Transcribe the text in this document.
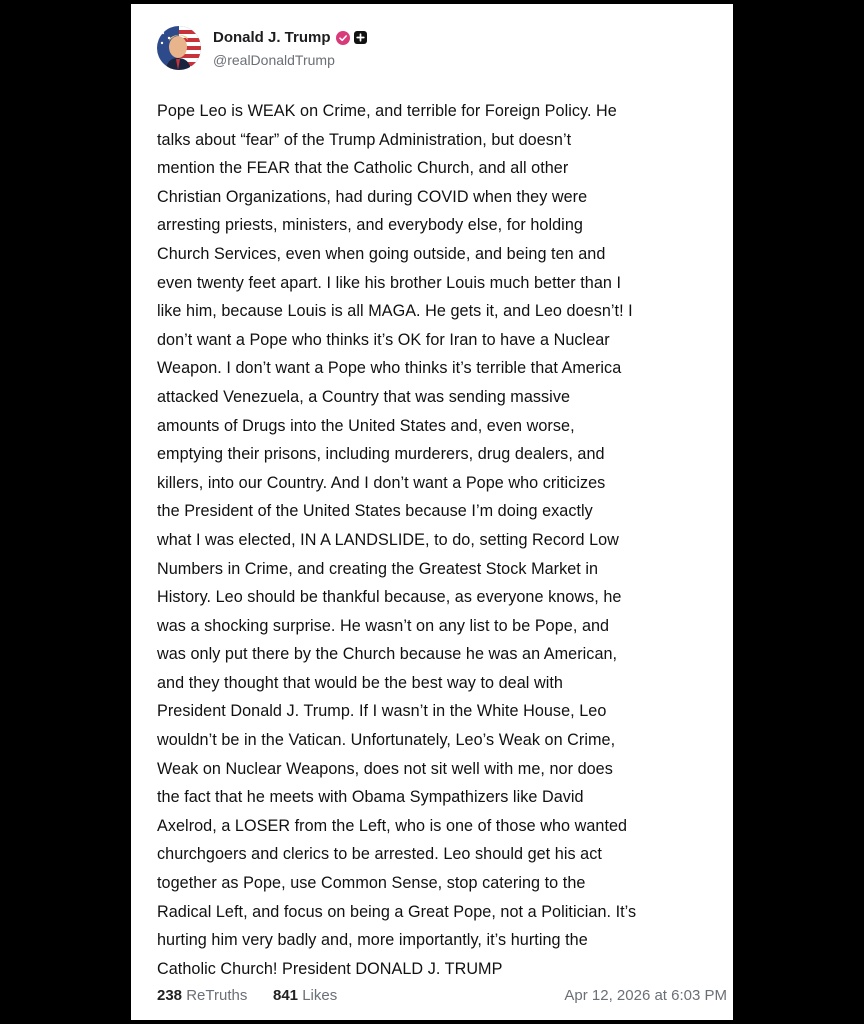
Donald J. Trump
@realDonaldTrump
Pope Leo is WEAK on Crime, and terrible for Foreign Policy. He
talks about “fear” of the Trump Administration, but doesn’t
mention the FEAR that the Catholic Church, and all other
Christian Organizations, had during COVID when they were
arresting priests, ministers, and everybody else, for holding
Church Services, even when going outside, and being ten and
even twenty feet apart. I like his brother Louis much better than I
like him, because Louis is all MAGA. He gets it, and Leo doesn’t! I
don’t want a Pope who thinks it’s OK for Iran to have a Nuclear
Weapon. I don’t want a Pope who thinks it’s terrible that America
attacked Venezuela, a Country that was sending massive
amounts of Drugs into the United States and, even worse,
emptying their prisons, including murderers, drug dealers, and
killers, into our Country. And I don’t want a Pope who criticizes
the President of the United States because I’m doing exactly
what I was elected, IN A LANDSLIDE, to do, setting Record Low
Numbers in Crime, and creating the Greatest Stock Market in
History. Leo should be thankful because, as everyone knows, he
was a shocking surprise. He wasn’t on any list to be Pope, and
was only put there by the Church because he was an American,
and they thought that would be the best way to deal with
President Donald J. Trump. If I wasn’t in the White House, Leo
wouldn’t be in the Vatican. Unfortunately, Leo’s Weak on Crime,
Weak on Nuclear Weapons, does not sit well with me, nor does
the fact that he meets with Obama Sympathizers like David
Axelrod, a LOSER from the Left, who is one of those who wanted
churchgoers and clerics to be arrested. Leo should get his act
together as Pope, use Common Sense, stop catering to the
Radical Left, and focus on being a Great Pope, not a Politician. It’s
hurting him very badly and, more importantly, it’s hurting the
Catholic Church! President DONALD J. TRUMP
238 ReTruths 841 Likes	Apr 12, 2026 at 6:03 PM
